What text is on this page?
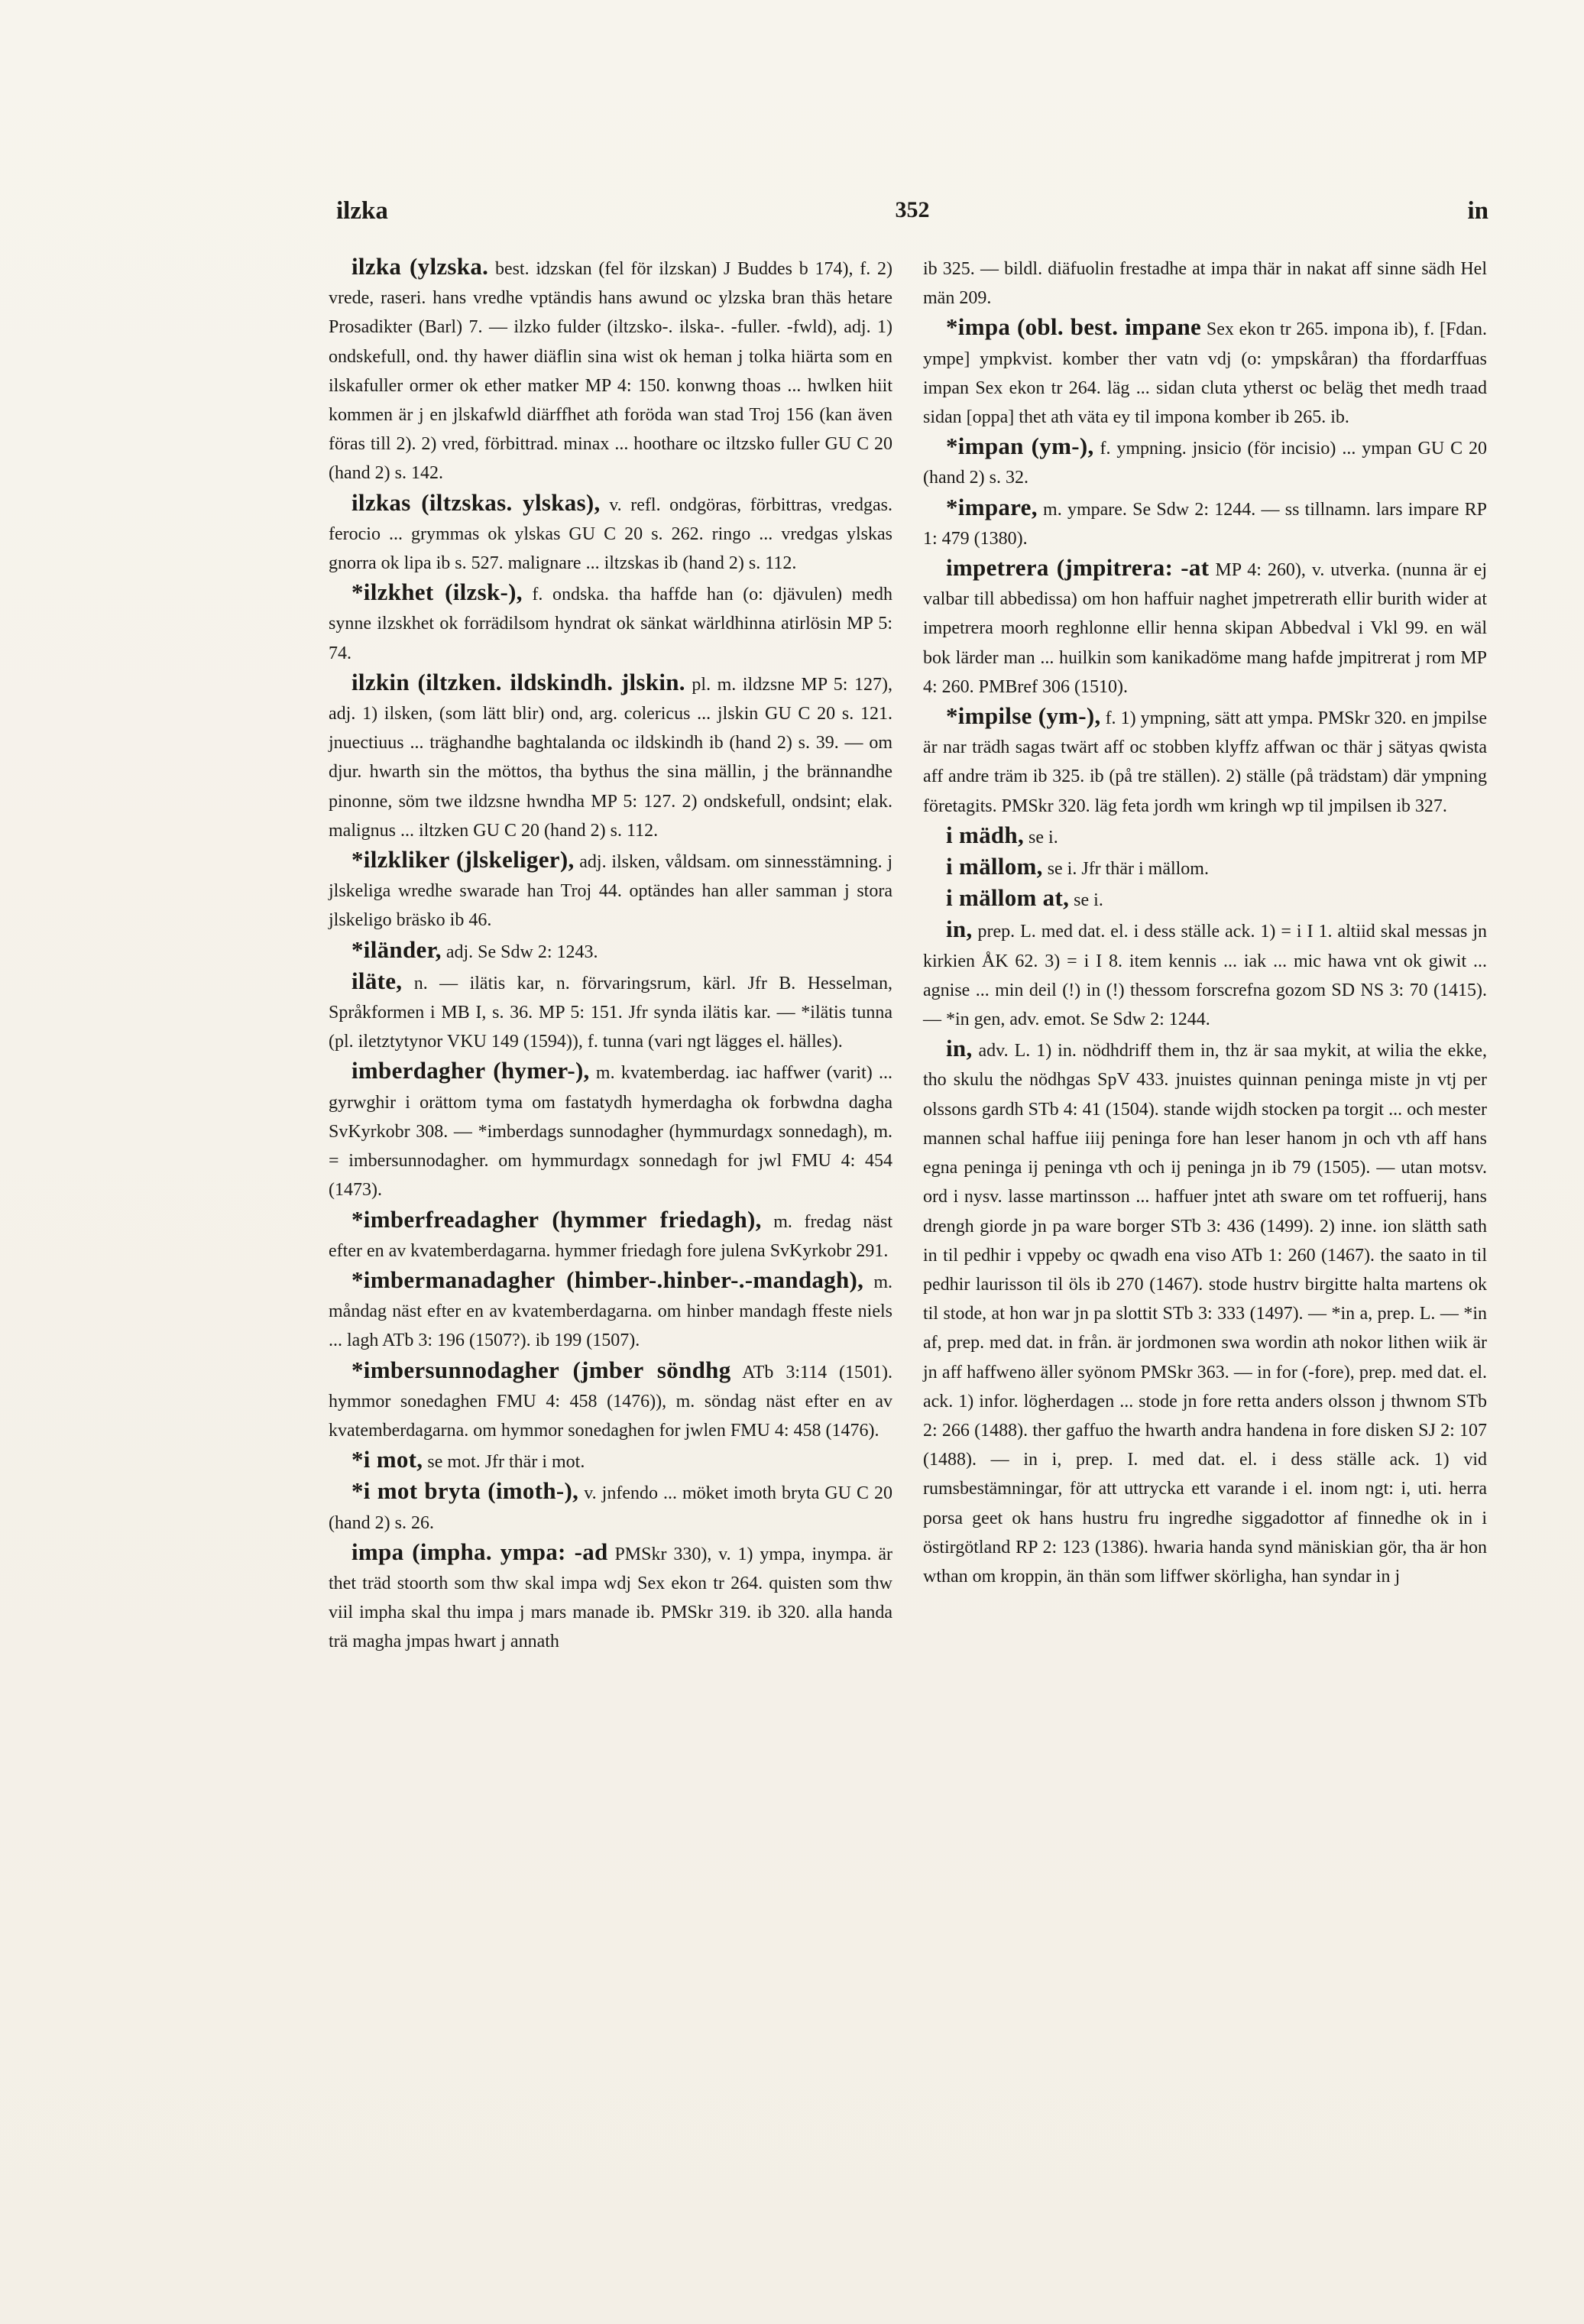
ilzka	352	in

ilzka (ylzska. best. idzskan (fel för ilzskan) J Buddes b 174), f. 2) vrede, raseri. hans vredhe vptändis hans awund oc ylzska bran thäs hetare Prosadikter (Barl) 7. — ilzko fulder (iltzsko-. ilska-. -fuller. -fwld), adj. 1) ondskefull, ond. thy hawer diäflin sina wist ok heman j tolka hiärta som en ilskafuller ormer ok ether matker MP 4: 150. konwng thoas ... hwlken hiit kommen är j en jlskafwld diärffhet ath foröda wan stad Troj 156 (kan även föras till 2). 2) vred, förbittrad. minax ... hoothare oc iltzsko fuller GU C 20 (hand 2) s. 142.

ilzkas (iltzskas. ylskas), v. refl. ondgöras, förbittras, vredgas. ferocio ... grymmas ok ylskas GU C 20 s. 262. ringo ... vredgas ylskas gnorra ok lipa ib s. 527. malignare ... iltzskas ib (hand 2) s. 112.

*ilzkhet (ilzsk-), f. ondska. tha haffde han (o: djävulen) medh synne ilzskhet ok forrädilsom hyndrat ok sänkat wärldhinna atirlösin MP 5: 74.

ilzkin (iltzken. ildskindh. jlskin. pl. m. ildzsne MP 5: 127), adj. 1) ilsken, (som lätt blir) ond, arg. colericus ... jlskin GU C 20 s. 121. jnuectiuus ... träghandhe baghtalanda oc ildskindh ib (hand 2) s. 39. — om djur. hwarth sin the möttos, tha bythus the sina mällin, j the brännandhe pinonne, söm twe ildzsne hwndha MP 5: 127. 2) ondskefull, ondsint; elak. malignus ... iltzken GU C 20 (hand 2) s. 112.

*ilzkliker (jlskeliger), adj. ilsken, våldsam. om sinnesstämning. j jlskeliga wredhe swarade han Troj 44. optändes han aller samman j stora jlskeligo bräsko ib 46.

*iländer, adj. Se Sdw 2: 1243.

iläte, n. — ilätis kar, n. förvaringsrum, kärl. Jfr B. Hesselman, Språkformen i MB I, s. 36. MP 5: 151. Jfr synda ilätis kar. — *ilätis tunna (pl. iletztytynor VKU 149 (1594)), f. tunna (vari ngt lägges el. hälles).

imberdagher (hymer-), m. kvatemberdag. iac haffwer (varit) ... gyrwghir i orättom tyma om fastatydh hymerdagha ok forbwdna dagha SvKyrkobr 308. — *imberdags sunnodagher (hymmurdagx sonnedagh), m. = imbersunnodagher. om hymmurdagx sonnedagh for jwl FMU 4: 454 (1473).

*imberfreadagher (hymmer friedagh), m. fredag näst efter en av kvatemberdagarna. hymmer friedagh fore julena SvKyrkobr 291.

*imbermanadagher (himber-.hinber-.-mandagh), m. måndag näst efter en av kvatemberdagarna. om hinber mandagh ffeste niels ... lagh ATb 3: 196 (1507?). ib 199 (1507).

*imbersunnodagher (jmber söndhg ATb 3:114 (1501). hymmor sonedaghen FMU 4: 458 (1476)), m. söndag näst efter en av kvatemberdagarna. om hymmor sonedaghen for jwlen FMU 4: 458 (1476).

*i mot, se mot. Jfr thär i mot.

*i mot bryta (imoth-), v. jnfendo ... möket imoth bryta GU C 20 (hand 2) s. 26.

impa (impha. ympa: -ad PMSkr 330), v. 1) ympa, inympa. är thet träd stoorth som thw skal impa wdj Sex ekon tr 264. quisten som thw viil impha skal thu impa j mars manade ib. PMSkr 319. ib 320. alla handa trä magha jmpas hwart j annath

ib 325. — bildl. diäfuolin frestadhe at impa thär in nakat aff sinne sädh Hel män 209.

*impa (obl. best. impane Sex ekon tr 265. impona ib), f. [Fdan. ympe] ympkvist. komber ther vatn vdj (o: ympskåran) tha ffordarffuas impan Sex ekon tr 264. läg ... sidan cluta ytherst oc beläg thet medh traad sidan [oppa] thet ath väta ey til impona komber ib 265. ib.

*impan (ym-), f. ympning. jnsicio (för incisio) ... ympan GU C 20 (hand 2) s. 32.

*impare, m. ympare. Se Sdw 2: 1244. — ss tillnamn. lars impare RP 1: 479 (1380).

impetrera (jmpitrera: -at MP 4: 260), v. utverka. (nunna är ej valbar till abbedissa) om hon haffuir naghet jmpetrerath ellir burith wider at impetrera moorh reghlonne ellir henna skipan Abbedval i Vkl 99. en wäl bok lärder man ... huilkin som kanikadöme mang hafde jmpitrerat j rom MP 4: 260. PMBref 306 (1510).

*impilse (ym-), f. 1) ympning, sätt att ympa. PMSkr 320. en jmpilse är nar trädh sagas twärt aff oc stobben klyffz affwan oc thär j sätyas qwista aff andre träm ib 325. ib (på tre ställen). 2) ställe (på trädstam) där ympning företagits. PMSkr 320. läg feta jordh wm kringh wp til jmpilsen ib 327.

i mädh, se i.

i mällom, se i. Jfr thär i mällom.

i mällom at, se i.

in, prep. L. med dat. el. i dess ställe ack. 1) = i I 1. altiid skal messas jn kirkien ÅK 62. 3) = i I 8. item kennis ... iak ... mic hawa vnt ok giwit ... agnise ... min deil (!) in (!) thessom forscrefna gozom SD NS 3: 70 (1415). — *in gen, adv. emot. Se Sdw 2: 1244.

in, adv. L. 1) in. nödhdriff them in, thz är saa mykit, at wilia the ekke, tho skulu the nödhgas SpV 433. jnuistes quinnan peninga miste jn vtj per olssons gardh STb 4: 41 (1504). stande wijdh stocken pa torgit ... och mester mannen schal haffue iiij peninga fore han leser hanom jn och vth aff hans egna peninga ij peninga vth och ij peninga jn ib 79 (1505). — utan motsv. ord i nysv. lasse martinsson ... haffuer jntet ath sware om tet roffuerij, hans drengh giorde jn pa ware borger STb 3: 436 (1499). 2) inne. ion slätth sath in til pedhir i vppeby oc qwadh ena viso ATb 1: 260 (1467). the saato in til pedhir laurisson til öls ib 270 (1467). stode hustrv birgitte halta martens ok til stode, at hon war jn pa slottit STb 3: 333 (1497). — *in a, prep. L. — *in af, prep. med dat. in från. är jordmonen swa wordin ath nokor lithen wiik är jn aff haffweno äller syönom PMSkr 363. — in for (-fore), prep. med dat. el. ack. 1) infor. lögherdagen ... stode jn fore retta anders olsson j thwnom STb 2: 266 (1488). ther gaffuo the hwarth andra handena in fore disken SJ 2: 107 (1488). — in i, prep. I. med dat. el. i dess ställe ack. 1) vid rumsbestämningar, för att uttrycka ett varande i el. inom ngt: i, uti. herra porsa geet ok hans hustru fru ingredhe siggadottor af finnedhe ok in i östirgötland RP 2: 123 (1386). hwaria handa synd mäniskian gör, tha är hon wthan om kroppin, än thän som liffwer skörligha, han syndar in j
